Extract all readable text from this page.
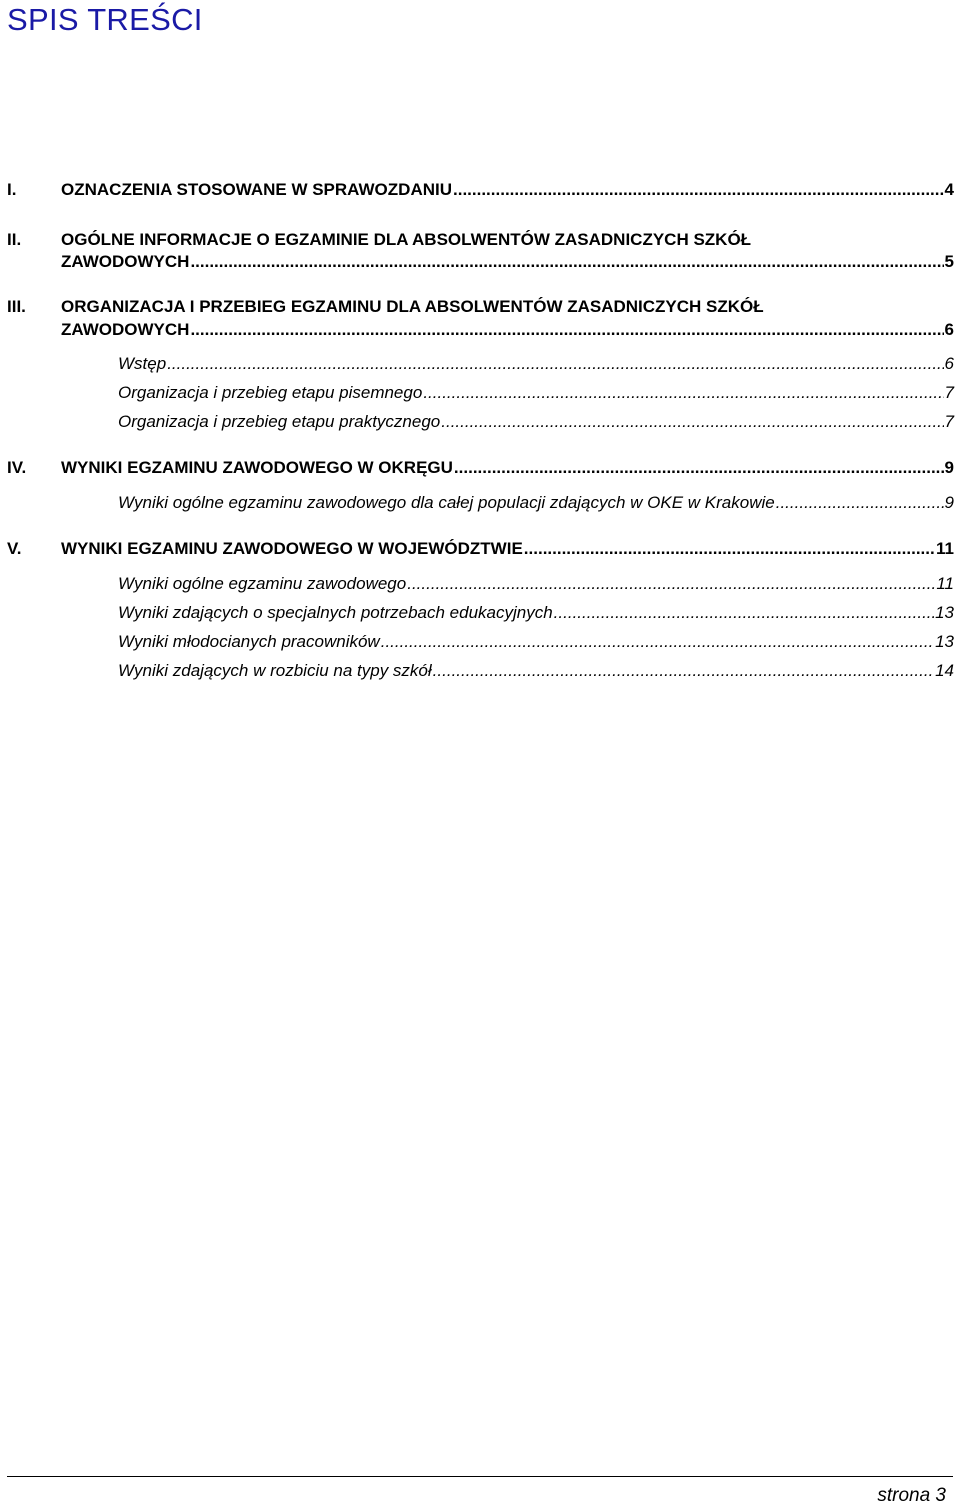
SPIS TREŚCI
I.	OZNACZENIA STOSOWANE W SPRAWOZDANIU .....	4
II. OGÓLNE INFORMACJE O EGZAMINIE DLA ABSOLWENTÓW ZASADNICZYCH SZKÓŁ
ZAWODOWYCH .....	5
III. ORGANIZACJA I PRZEBIEG EGZAMINU DLA ABSOLWENTÓW ZASADNICZYCH SZKÓŁ
ZAWODOWYCH .....	6
Wstęp .....	6
Organizacja i przebieg etapu pisemnego .....	7
Organizacja i przebieg etapu praktycznego .....	7
IV. WYNIKI EGZAMINU ZAWODOWEGO W OKRĘGU .....	9
Wyniki ogólne egzaminu zawodowego dla całej populacji zdających w OKE w Krakowie .....	9
V. WYNIKI EGZAMINU ZAWODOWEGO W WOJEWÓDZTWIE .....	11
Wyniki ogólne egzaminu zawodowego .....	11
Wyniki zdających o specjalnych potrzebach edukacyjnych .....	13
Wyniki młodocianych pracowników .....	13
Wyniki zdających w rozbiciu na typy szkół .....	14
strona 3
